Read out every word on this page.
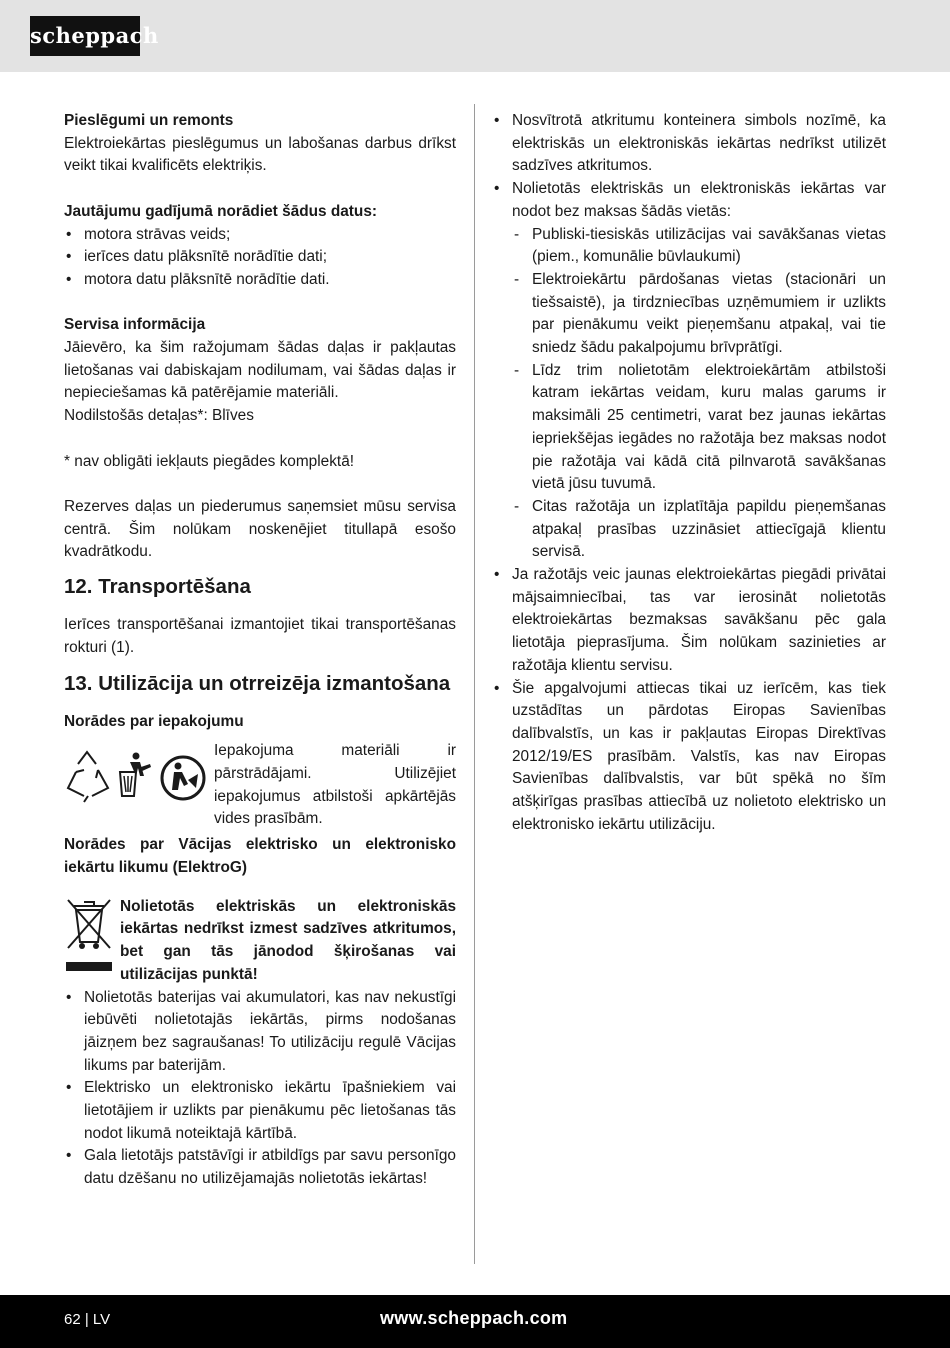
scheppach
Pieslēgumi un remonts
Elektroiekārtas pieslēgumus un labošanas darbus drīkst veikt tikai kvalificēts elektriķis.
Jautājumu gadījumā norādiet šādus datus:
• motora strāvas veids;
• ierīces datu plāksnītē norādītie dati;
• motora datu plāksnītē norādītie dati.
Servisa informācija
Jāievēro, ka šim ražojumam šādas daļas ir pakļautas lietošanas vai dabiskajam nodilumam, vai šādas daļas ir nepieciešamas kā patērējamie materiāli.
Nodilstošās detaļas*: Blīves
* nav obligāti iekļauts piegādes komplektā!
Rezerves daļas un piederumus saņemsiet mūsu servisa centrā. Šim nolūkam noskenējiet titullapā esošo kvadrātkodu.
12. Transportēšana
Ierīces transportēšanai izmantojiet tikai transportēšanas rokturi (1).
13. Utilizācija un otrreizēja izmantošana
Norādes par iepakojumu
Iepakojuma materiāli ir pārstrādājami. Utilizējiet iepakojumus atbilstoši apkārtējās vides prasībām.
Norādes par Vācijas elektrisko un elektronisko iekārtu likumu (ElektroG)
Nolietotās elektriskās un elektroniskās iekārtas nedrīkst izmest sadzīves atkritumos, bet gan tās jānodod šķirošanas vai utilizācijas punktā!
• Nolietotās baterijas vai akumulatori, kas nav nekustīgi iebūvēti nolietotajās iekārtās, pirms nodošanas jāizņem bez sagraušanas! To utilizāciju regulē Vācijas likums par baterijām.
• Elektrisko un elektronisko iekārtu īpašniekiem vai lietotājiem ir uzlikts par pienākumu pēc lietošanas tās nodot likumā noteiktajā kārtībā.
• Gala lietotājs patstāvīgi ir atbildīgs par savu personīgo datu dzēšanu no utilizējamajās nolietotās iekārtas!
• Nosvītrotā atkritumu konteinera simbols nozīmē, ka elektriskās un elektroniskās iekārtas nedrīkst utilizēt sadzīves atkritumos.
• Nolietotās elektriskās un elektroniskās iekārtas var nodot bez maksas šādās vietās:
- Publiski-tiesiskās utilizācijas vai savākšanas vietas (piem., komunālie būvlaukumi)
- Elektroiekārtu pārdošanas vietas (stacionāri un tiešsaistē), ja tirdzniecības uzņēmumiem ir uzlikts par pienākumu veikt pieņemšanu atpakaļ, vai tie sniedz šādu pakalpojumu brīvprātīgi.
- Līdz trim nolietotām elektroiekārtām atbilstoši katram iekārtas veidam, kuru malas garums ir maksimāli 25 centimetri, varat bez jaunas iekārtas iepriekšējas iegādes no ražotāja bez maksas nodot pie ražotāja vai kādā citā pilnvarotā savākšanas vietā jūsu tuvumā.
- Citas ražotāja un izplatītāja papildu pieņemšanas atpakaļ prasības uzzināsiet attiecīgajā klientu servisā.
• Ja ražotājs veic jaunas elektroiekārtas piegādi privātai mājsaimniecībai, tas var ierosināt nolietotās elektroiekārtas bezmaksas savākšanu pēc gala lietotāja pieprasījuma. Šim nolūkam sazinieties ar ražotāja klientu servisu.
• Šie apgalvojumi attiecas tikai uz ierīcēm, kas tiek uzstādītas un pārdotas Eiropas Savienības dalībvalstīs, un kas ir pakļautas Eiropas Direktīvas 2012/19/ES prasībām. Valstīs, kas nav Eiropas Savienības dalībvalstis, var būt spēkā no šīm atšķirīgas prasības attiecībā uz nolietoto elektrisko un elektronisko iekārtu utilizāciju.
62 | LV	www.scheppach.com
